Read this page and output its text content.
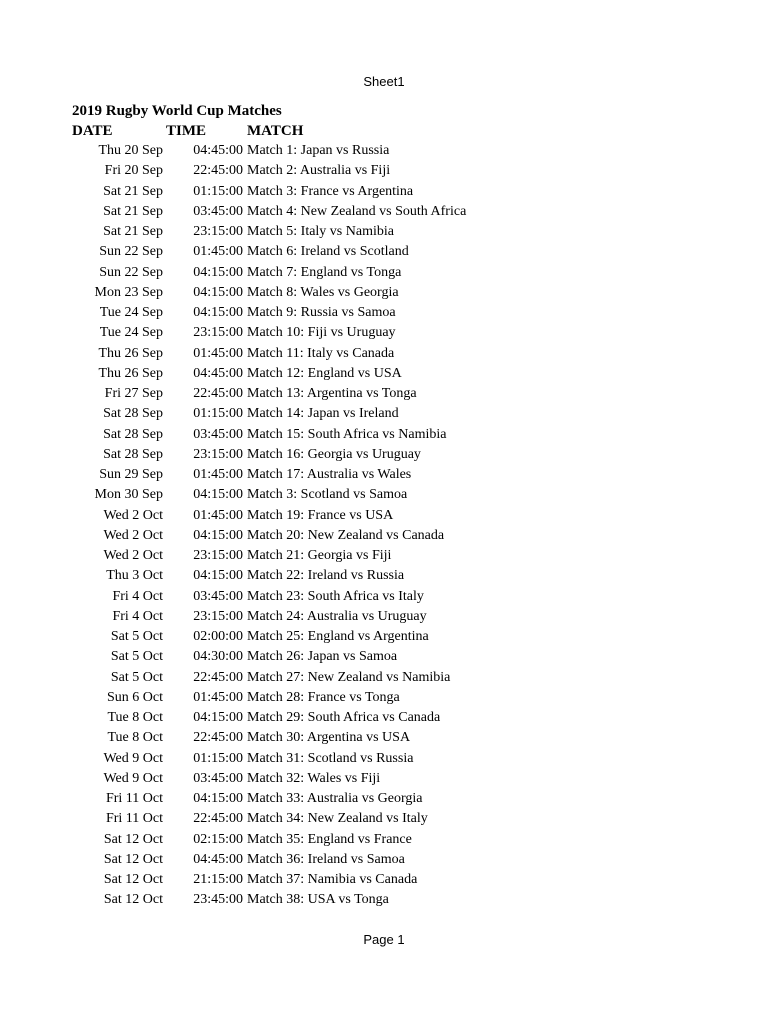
Sheet1
2019 Rugby World Cup Matches
DATE	TIME	MATCH
Thu 20 Sep	04:45:00 Match 1: Japan vs Russia
Fri 20 Sep	22:45:00 Match 2: Australia vs Fiji
Sat 21 Sep	01:15:00 Match 3: France vs Argentina
Sat 21 Sep	03:45:00 Match 4: New Zealand vs South Africa
Sat 21 Sep	23:15:00 Match 5: Italy vs Namibia
Sun 22 Sep	01:45:00 Match 6: Ireland vs Scotland
Sun 22 Sep	04:15:00 Match 7: England vs Tonga
Mon 23 Sep	04:15:00 Match 8: Wales vs Georgia
Tue 24 Sep	04:15:00 Match 9: Russia vs Samoa
Tue 24 Sep	23:15:00 Match 10: Fiji vs Uruguay
Thu 26 Sep	01:45:00 Match 11: Italy vs Canada
Thu 26 Sep	04:45:00 Match 12: England vs USA
Fri 27 Sep	22:45:00 Match 13: Argentina vs Tonga
Sat 28 Sep	01:15:00 Match 14: Japan vs Ireland
Sat 28 Sep	03:45:00 Match 15: South Africa vs Namibia
Sat 28 Sep	23:15:00 Match 16: Georgia vs Uruguay
Sun 29 Sep	01:45:00 Match 17: Australia vs Wales
Mon 30 Sep	04:15:00 Match 3: Scotland vs Samoa
Wed 2 Oct	01:45:00 Match 19: France vs USA
Wed 2 Oct	04:15:00 Match 20: New Zealand vs Canada
Wed 2 Oct	23:15:00 Match 21: Georgia vs Fiji
Thu 3 Oct	04:15:00 Match 22: Ireland vs Russia
Fri 4 Oct	03:45:00 Match 23: South Africa vs Italy
Fri 4 Oct	23:15:00 Match 24: Australia vs Uruguay
Sat 5 Oct	02:00:00 Match 25: England vs Argentina
Sat 5 Oct	04:30:00 Match 26: Japan vs Samoa
Sat 5 Oct	22:45:00 Match 27: New Zealand vs Namibia
Sun 6 Oct	01:45:00 Match 28: France vs Tonga
Tue 8 Oct	04:15:00 Match 29: South Africa vs Canada
Tue 8 Oct	22:45:00 Match 30: Argentina vs USA
Wed 9 Oct	01:15:00 Match 31: Scotland vs Russia
Wed 9 Oct	03:45:00 Match 32: Wales vs Fiji
Fri 11 Oct	04:15:00 Match 33: Australia vs Georgia
Fri 11 Oct	22:45:00 Match 34: New Zealand vs Italy
Sat 12 Oct	02:15:00 Match 35: England vs France
Sat 12 Oct	04:45:00 Match 36: Ireland vs Samoa
Sat 12 Oct	21:15:00 Match 37: Namibia vs Canada
Sat 12 Oct	23:45:00 Match 38: USA vs Tonga
Page 1
